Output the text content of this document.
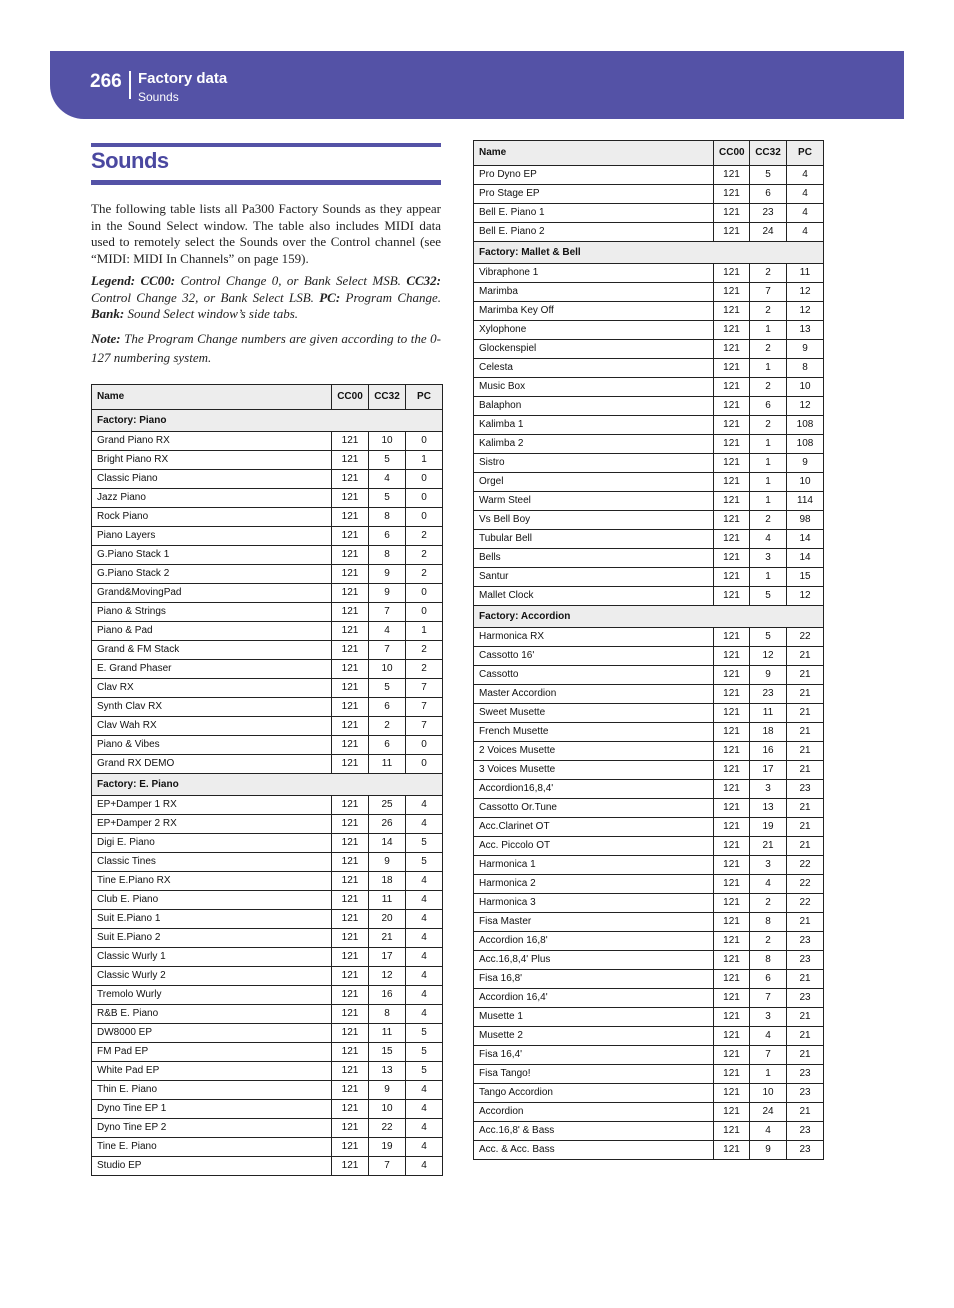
266 Factory data
Sounds
Sounds
The following table lists all Pa300 Factory Sounds as they appear in the Sound Select window. The table also includes MIDI data used to remotely select the Sounds over the Control channel (see “MIDI: MIDI In Channels” on page 159).
Legend: CC00: Control Change 0, or Bank Select MSB. CC32: Control Change 32, or Bank Select LSB. PC: Program Change. Bank: Sound Select window’s side tabs.
Note: The Program Change numbers are given according to the 0-127 numbering system.
Name	CC00	CC32	PC
Factory: Piano			
Grand Piano RX	121	10	0
Bright Piano RX	121	5	1
Classic Piano	121	4	0
Jazz Piano	121	5	0
Rock Piano	121	8	0
Piano Layers	121	6	2
G.Piano Stack 1	121	8	2
G.Piano Stack 2	121	9	2
Grand&MovingPad	121	9	0
Piano & Strings	121	7	0
Piano & Pad	121	4	1
Grand & FM Stack	121	7	2
E. Grand Phaser	121	10	2
Clav RX	121	5	7
Synth Clav RX	121	6	7
Clav Wah RX	121	2	7
Piano & Vibes	121	6	0
Grand RX DEMO	121	11	0
Factory: E. Piano			
EP+Damper 1 RX	121	25	4
EP+Damper 2 RX	121	26	4
Digi E. Piano	121	14	5
Classic Tines	121	9	5
Tine E.Piano RX	121	18	4
Club E. Piano	121	11	4
Suit E.Piano 1	121	20	4
Suit E.Piano 2	121	21	4
Classic Wurly 1	121	17	4
Classic Wurly 2	121	12	4
Tremolo Wurly	121	16	4
R&B E. Piano	121	8	4
DW8000 EP	121	11	5
FM Pad EP	121	15	5
White Pad EP	121	13	5
Thin E. Piano	121	9	4
Dyno Tine EP 1	121	10	4
Dyno Tine EP 2	121	22	4
Tine E. Piano	121	19	4
Studio EP	121	7	4
Name	CC00	CC32	PC
Pro Dyno EP	121	5	4
Pro Stage EP	121	6	4
Bell E. Piano 1	121	23	4
Bell E. Piano 2	121	24	4
Factory: Mallet & Bell			
Vibraphone 1	121	2	11
Marimba	121	7	12
Marimba Key Off	121	2	12
Xylophone	121	1	13
Glockenspiel	121	2	9
Celesta	121	1	8
Music Box	121	2	10
Balaphon	121	6	12
Kalimba 1	121	2	108
Kalimba 2	121	1	108
Sistro	121	1	9
Orgel	121	1	10
Warm Steel	121	1	114
Vs Bell Boy	121	2	98
Tubular Bell	121	4	14
Bells	121	3	14
Santur	121	1	15
Mallet Clock	121	5	12
Factory: Accordion			
Harmonica RX	121	5	22
Cassotto 16'	121	12	21
Cassotto	121	9	21
Master Accordion	121	23	21
Sweet Musette	121	11	21
French Musette	121	18	21
2 Voices Musette	121	16	21
3 Voices Musette	121	17	21
Accordion16,8,4'	121	3	23
Cassotto Or.Tune	121	13	21
Acc.Clarinet OT	121	19	21
Acc. Piccolo OT	121	21	21
Harmonica 1	121	3	22
Harmonica 2	121	4	22
Harmonica 3	121	2	22
Fisa Master	121	8	21
Accordion 16,8'	121	2	23
Acc.16,8,4' Plus	121	8	23
Fisa 16,8'	121	6	21
Accordion 16,4'	121	7	23
Musette 1	121	3	21
Musette 2	121	4	21
Fisa 16,4'	121	7	21
Fisa Tango!	121	1	23
Tango Accordion	121	10	23
Accordion	121	24	21
Acc.16,8' & Bass	121	4	23
Acc. & Acc. Bass	121	9	23
